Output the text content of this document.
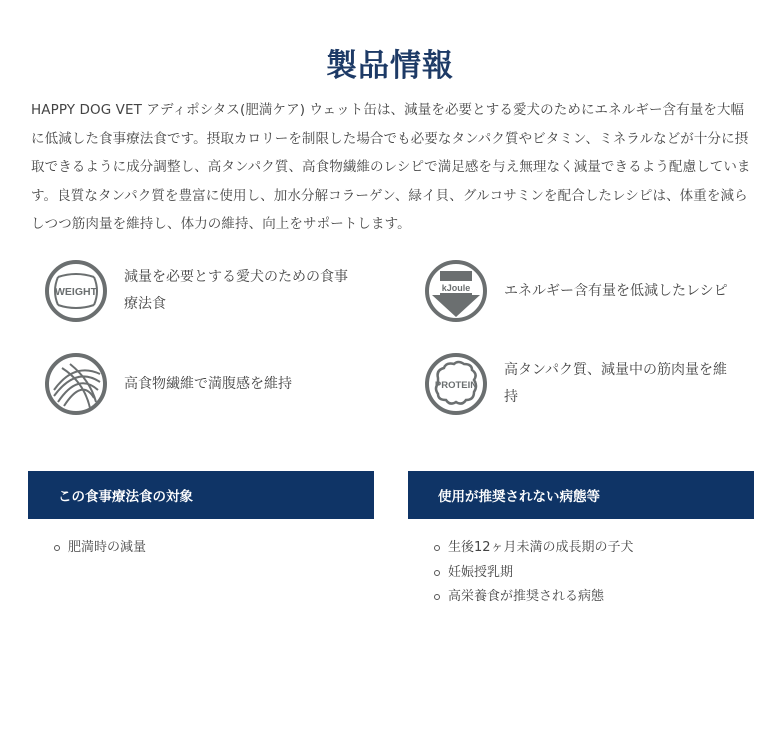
製品情報

HAPPY DOG VET アディポシタス(肥満ケア) ウェット缶は、減量を必要とする愛犬のためにエネルギー含有量を大幅に低減した食事療法食です。摂取カロリーを制限した場合でも必要なタンパク質やビタミン、ミネラルなどが十分に摂取できるように成分調整し、高タンパク質、高食物繊維のレシピで満足感を与え無理なく減量できるよう配慮しています。良質なタンパク質を豊富に使用し、加水分解コラーゲン、緑イ貝、グルコサミンを配合したレシピは、体重を減らしつつ筋肉量を維持し、体力の維持、向上をサポートします。

WEIGHT
減量を必要とする愛犬のための食事療法食
kJoule エネルギー含有量を低減したレシピ
高食物繊維で満腹感を維持	PROTEIN
高タンパク質、減量中の筋肉量を維持
この食事療法食の対象	使用が推奨されない病態等
肥満時の減量	生後12ヶ月未満の成長期の子犬
妊娠授乳期
高栄養食が推奨される病態
